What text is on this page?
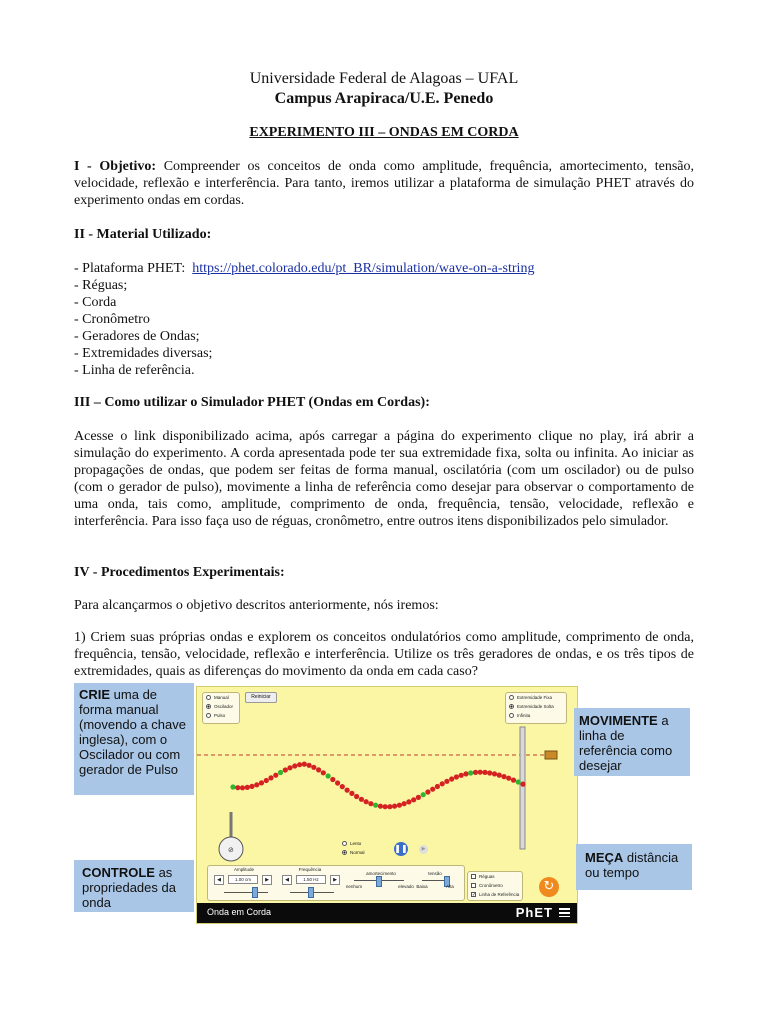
Universidade Federal de Alagoas – UFAL
Campus Arapiraca/U.E. Penedo
EXPERIMENTO III – ONDAS EM CORDA

I - Objetivo: Compreender os conceitos de onda como amplitude, frequência, amortecimento, tensão, velocidade, reflexão e interferência. Para tanto, iremos utilizar a plataforma de simulação PHET através do experimento ondas em cordas.

II - Material Utilizado:
- Plataforma PHET: https://phet.colorado.edu/pt_BR/simulation/wave-on-a-string
- Réguas;
- Corda
- Cronômetro
- Geradores de Ondas;
- Extremidades diversas;
- Linha de referência.
III – Como utilizar o Simulador PHET (Ondas em Cordas):
Acesse o link disponibilizado acima, após carregar a página do experimento clique no play, irá abrir a simulação do experimento. A corda apresentada pode ter sua extremidade fixa, solta ou infinita. Ao iniciar as propagações de ondas, que podem ser feitas de forma manual, oscilatória (com um oscilador) ou de pulso (com o gerador de pulso), movimente a linha de referência como desejar para observar o comportamento de uma onda, tais como, amplitude, comprimento de onda, frequência, tensão, velocidade, reflexão e interferência. Para isso faça uso de réguas, cronômetro, entre outros itens disponibilizados pelo simulador.
IV - Procedimentos Experimentais:
Para alcançarmos o objetivo descritos anteriormente, nós iremos:
1) Criem suas próprias ondas e explorem os conceitos ondulatórios como amplitude, comprimento de onda, frequência, tensão, velocidade, reflexão e interferência. Utilize os três geradores de ondas, e os três tipos de extremidades, quais as diferenças do movimento da onda em cada caso?
Manual
Oscilador
Pulso
Reiniciar	Extremidade Fixa
Extremidade Solta
Infinita
⊘
Lento
Normal	❚❚	▶
Amplitude
◀	1.00 cm	▶
Frequência
◀	1.50 Hz	▶
amortecimento
nenhum	elevado
tensão
Baixa	Alta
Réguas
Cronômetro
✓ Linha de Referência
↻
Onda em Corda	PhET
CRIE uma de forma manual (movendo a chave inglesa), com o Oscilador ou com gerador de Pulso
MOVIMENTE a linha de referência como desejar
CONTROLE as propriedades da onda
MEÇA distância ou tempo
